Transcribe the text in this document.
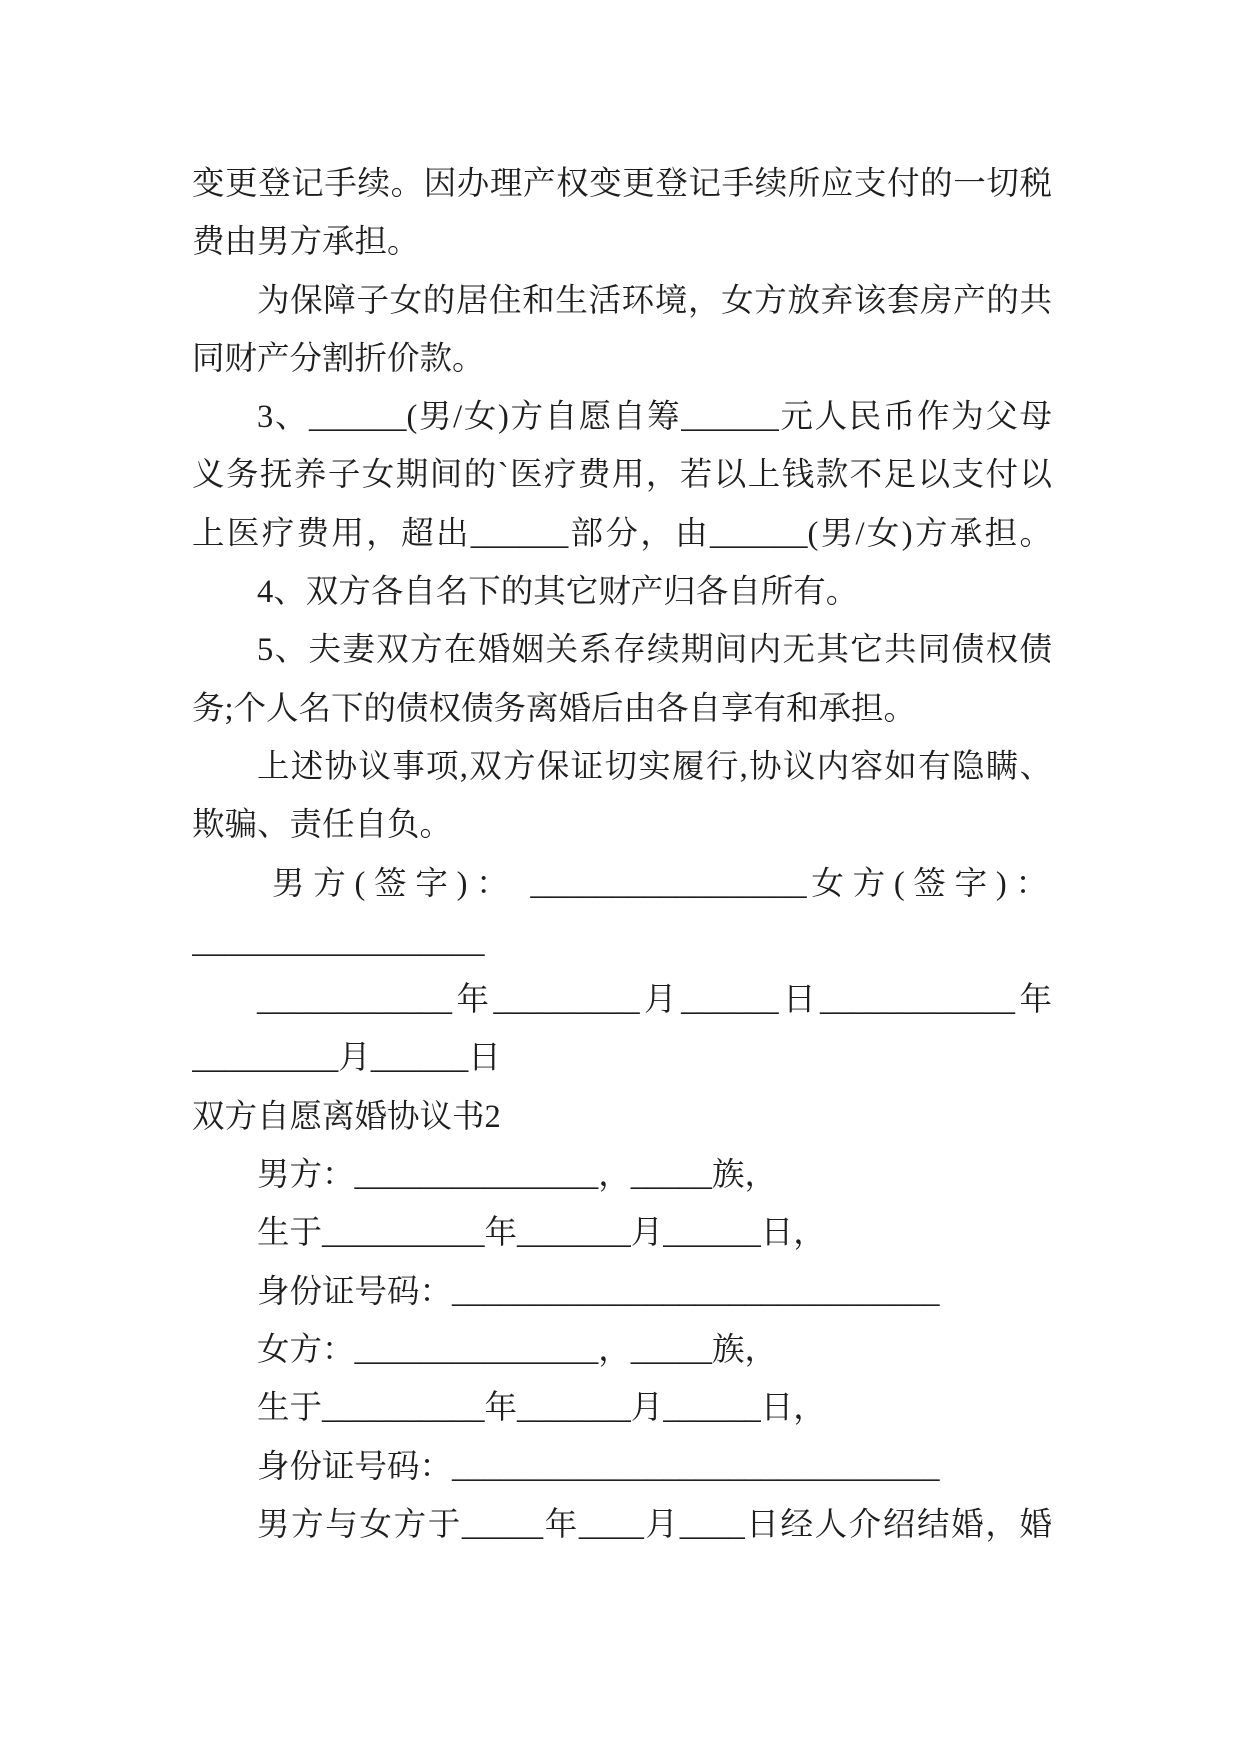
变更登记手续。因办理产权变更登记手续所应支付的一切税
费由男方承担。
为保障子女的居住和生活环境，女方放弃该套房产的共
同财产分割折价款。
3、______(男/女)方自愿自筹______元人民币作为父母
义务抚养子女期间的`医疗费用，若以上钱款不足以支付以
上医疗费用，超出______部分，由______(男/女)方承担。
4、双方各自名下的其它财产归各自所有。
5、夫妻双方在婚姻关系存续期间内无其它共同债权债
务;个人名下的债权债务离婚后由各自享有和承担。
上述协议事项,双方保证切实履行,协议内容如有隐瞒、
欺骗、责任自负。
男方(签字)： _________________女方(签字)：
__________________
____________年_________月______日____________年
_________月______日
双方自愿离婚协议书2
男方：_______________，_____族，
生于__________年_______月______日，
身份证号码：______________________________
女方：_______________，_____族，
生于__________年_______月______日，
身份证号码：______________________________
男方与女方于_____年____月____日经人介绍结婚，婚
